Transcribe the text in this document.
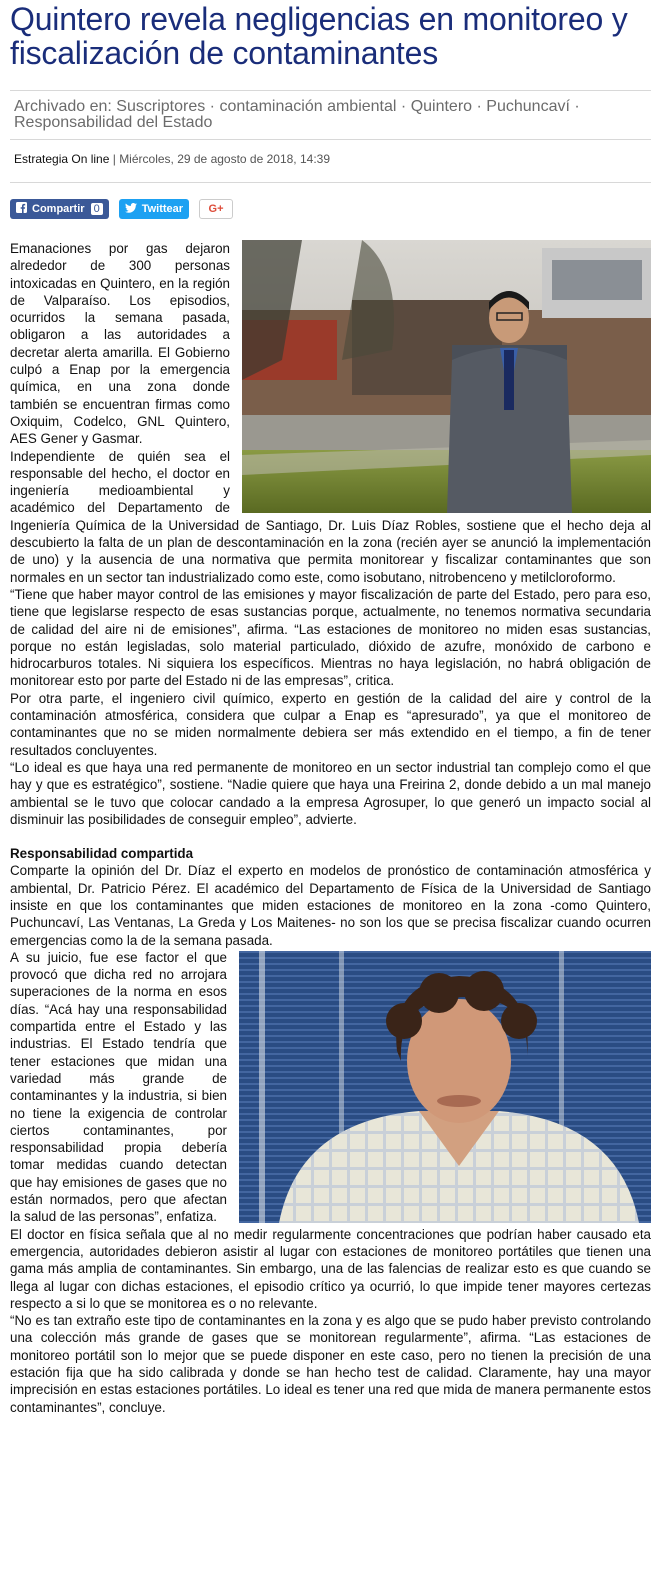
Quintero revela negligencias en monitoreo y fiscalización de contaminantes
Archivado en: Suscriptores · contaminación ambiental · Quintero · Puchuncaví · Responsabilidad del Estado
Estrategia On line | Miércoles, 29 de agosto de 2018, 14:39
Compartir 0	Twittear	G+

Emanaciones por gas dejaron alrededor de 300 personas intoxicadas en Quintero, en la región de Valparaíso. Los episodios, ocurridos la semana pasada, obligaron a las autoridades a decretar alerta amarilla. El Gobierno culpó a Enap por la emergencia química, en una zona donde también se encuentran firmas como Oxiquim, Codelco, GNL Quintero, AES Gener y Gasmar.

Independiente de quién sea el responsable del hecho, el doctor en ingeniería medioambiental y académico del Departamento de Ingeniería Química de la Universidad de Santiago, Dr. Luis Díaz Robles, sostiene que el hecho deja al descubierto la falta de un plan de descontaminación en la zona (recién ayer se anunció la implementación de uno) y la ausencia de una normativa que permita monitorear y fiscalizar contaminantes que son normales en un sector tan industrializado como este, como isobutano, nitrobenceno y metilcloroformo.

“Tiene que haber mayor control de las emisiones y mayor fiscalización de parte del Estado, pero para eso, tiene que legislarse respecto de esas sustancias porque, actualmente, no tenemos normativa secundaria de calidad del aire ni de emisiones”, afirma. “Las estaciones de monitoreo no miden esas sustancias, porque no están legisladas, solo material particulado, dióxido de azufre, monóxido de carbono e hidrocarburos totales. Ni siquiera los específicos. Mientras no haya legislación, no habrá obligación de monitorear esto por parte del Estado ni de las empresas”, critica.

Por otra parte, el ingeniero civil químico, experto en gestión de la calidad del aire y control de la contaminación atmosférica, considera que culpar a Enap es “apresurado”, ya que el monitoreo de contaminantes que no se miden normalmente debiera ser más extendido en el tiempo, a fin de tener resultados concluyentes.

“Lo ideal es que haya una red permanente de monitoreo en un sector industrial tan complejo como el que hay y que es estratégico”, sostiene. “Nadie quiere que haya una Freirina 2, donde debido a un mal manejo ambiental se le tuvo que colocar candado a la empresa Agrosuper, lo que generó un impacto social al disminuir las posibilidades de conseguir empleo”, advierte.

Responsabilidad compartida

Comparte la opinión del Dr. Díaz el experto en modelos de pronóstico de contaminación atmosférica y ambiental, Dr. Patricio Pérez. El académico del Departamento de Física de la Universidad de Santiago insiste en que los contaminantes que miden estaciones de monitoreo en la zona -como Quintero, Puchuncaví, Las Ventanas, La Greda y Los Maitenes- no son los que se precisa fiscalizar cuando ocurren emergencias como la de la semana pasada.

A su juicio, fue ese factor el que provocó que dicha red no arrojara superaciones de la norma en esos días. “Acá hay una responsabilidad compartida entre el Estado y las industrias. El Estado tendría que tener estaciones que midan una variedad más grande de contaminantes y la industria, si bien no tiene la exigencia de controlar ciertos contaminantes, por responsabilidad propia debería tomar medidas cuando detectan que hay emisiones de gases que no están normados, pero que afectan la salud de las personas”, enfatiza.

El doctor en física señala que al no medir regularmente concentraciones que podrían haber causado eta emergencia, autoridades debieron asistir al lugar con estaciones de monitoreo portátiles que tienen una gama más amplia de contaminantes. Sin embargo, una de las falencias de realizar esto es que cuando se llega al lugar con dichas estaciones, el episodio crítico ya ocurrió, lo que impide tener mayores certezas respecto a si lo que se monitorea es o no relevante.

“No es tan extraño este tipo de contaminantes en la zona y es algo que se pudo haber previsto controlando una colección más grande de gases que se monitorean regularmente”, afirma. “Las estaciones de monitoreo portátil son lo mejor que se puede disponer en este caso, pero no tienen la precisión de una estación fija que ha sido calibrada y donde se han hecho test de calidad. Claramente, hay una mayor imprecisión en estas estaciones portátiles. Lo ideal es tener una red que mida de manera permanente estos contaminantes”, concluye.
